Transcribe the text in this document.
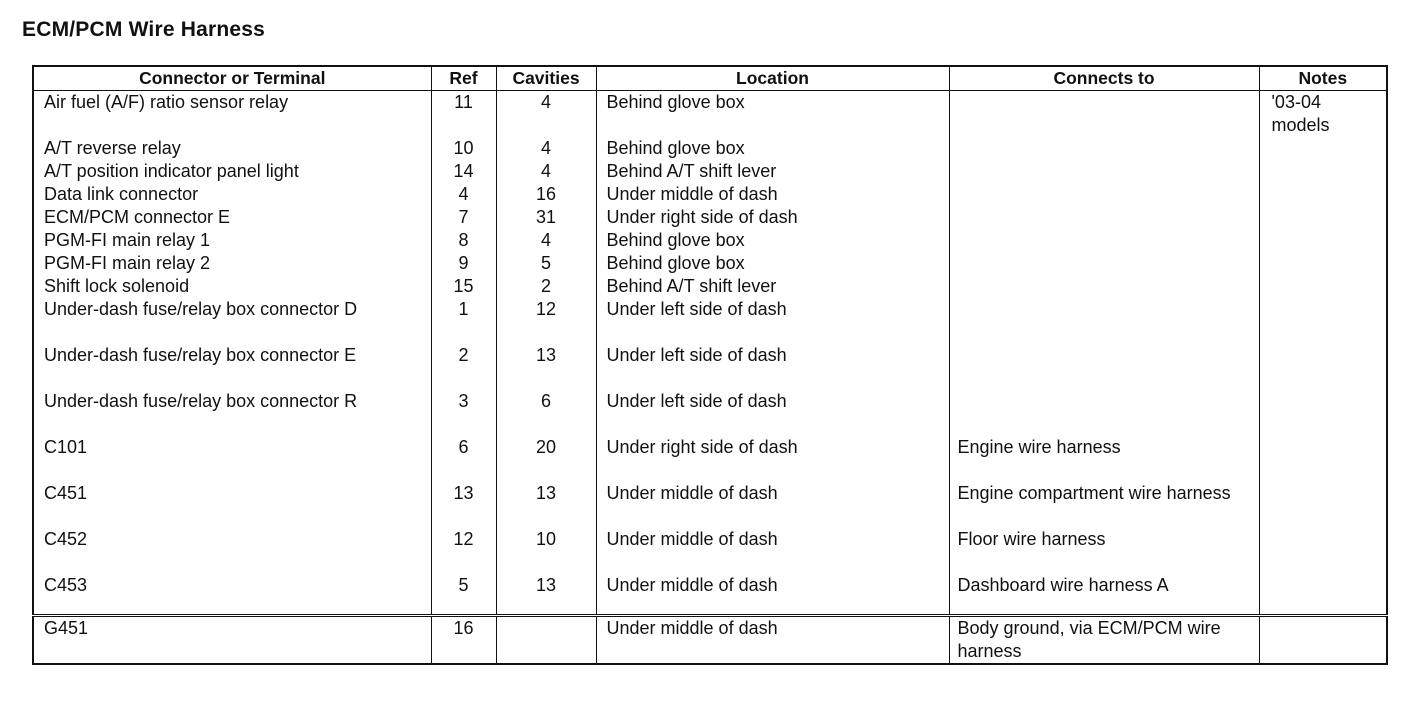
ECM/PCM Wire Harness
Connector or Terminal	Ref	Cavities	Location	Connects to	Notes
Air fuel (A/F) ratio sensor relay	11	4	Behind glove box		'03-04 models
A/T reverse relay	10	4	Behind glove box		
A/T position indicator panel light	14	4	Behind A/T shift lever		
Data link connector	4	16	Under middle of dash		
ECM/PCM connector E	7	31	Under right side of dash		
PGM-FI main relay 1	8	4	Behind glove box		
PGM-FI main relay 2	9	5	Behind glove box		
Shift lock solenoid	15	2	Behind A/T shift lever		
Under-dash fuse/relay box connector D	1	12	Under left side of dash		
Under-dash fuse/relay box connector E	2	13	Under left side of dash		
Under-dash fuse/relay box connector R	3	6	Under left side of dash		
C101	6	20	Under right side of dash	Engine wire harness	
C451	13	13	Under middle of dash	Engine compartment wire harness	
C452	12	10	Under middle of dash	Floor wire harness	
C453	5	13	Under middle of dash	Dashboard wire harness A	
G451	16		Under middle of dash	Body ground, via ECM/PCM wire harness	
